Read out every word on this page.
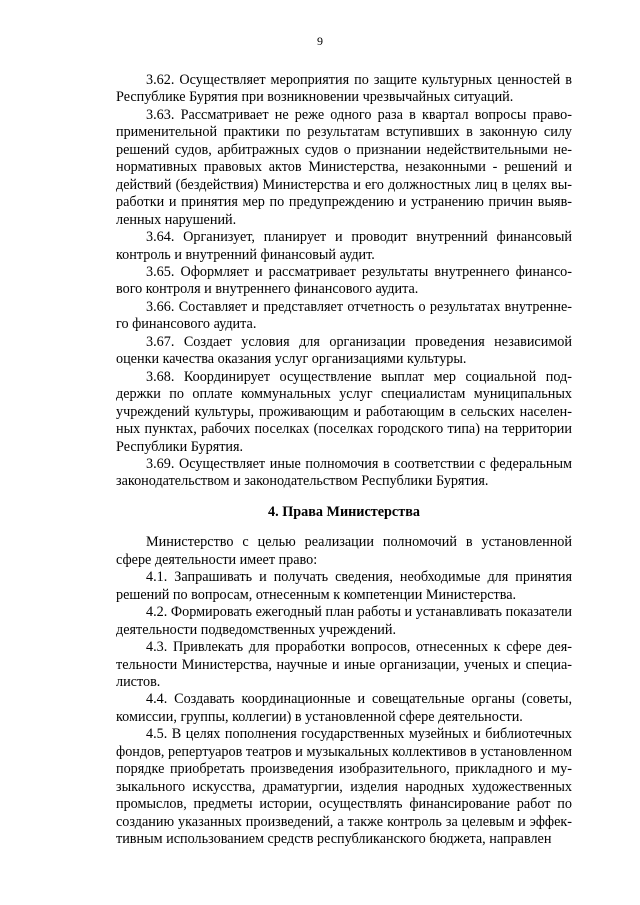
9

3.62. Осуществляет мероприятия по защите культурных ценностей в Республике Бурятия при возникновении чрезвычайных ситуаций.

3.63. Рассматривает не реже одного раза в квартал вопросы правоприменительной практики по результатам вступивших в законную силу решений судов, арбитражных судов о признании недействительными ненормативных правовых актов Министерства, незаконными - решений и действий (бездействия) Министерства и его должностных лиц в целях выработки и принятия мер по предупреждению и устранению причин выявленных нарушений.

3.64. Организует, планирует и проводит внутренний финансовый контроль и внутренний финансовый аудит.

3.65. Оформляет и рассматривает результаты внутреннего финансового контроля и внутреннего финансового аудита.

3.66. Составляет и представляет отчетность о результатах внутреннего финансового аудита.

3.67. Создает условия для организации проведения независимой оценки качества оказания услуг организациями культуры.

3.68. Координирует осуществление выплат мер социальной поддержки по оплате коммунальных услуг специалистам муниципальных учреждений культуры, проживающим и работающим в сельских населенных пунктах, рабочих поселках (поселках городского типа) на территории Республики Бурятия.

3.69. Осуществляет иные полномочия в соответствии с федеральным законодательством и законодательством Республики Бурятия.

4. Права Министерства

Министерство с целью реализации полномочий в установленной сфере деятельности имеет право:

4.1. Запрашивать и получать сведения, необходимые для принятия решений по вопросам, отнесенным к компетенции Министерства.

4.2. Формировать ежегодный план работы и устанавливать показатели деятельности подведомственных учреждений.

4.3. Привлекать для проработки вопросов, отнесенных к сфере деятельности Министерства, научные и иные организации, ученых и специалистов.

4.4. Создавать координационные и совещательные органы (советы, комиссии, группы, коллегии) в установленной сфере деятельности.

4.5. В целях пополнения государственных музейных и библиотечных фондов, репертуаров театров и музыкальных коллективов в установленном порядке приобретать произведения изобразительного, прикладного и музыкального искусства, драматургии, изделия народных художественных промыслов, предметы истории, осуществлять финансирование работ по созданию указанных произведений, а также контроль за целевым и эффективным использованием средств республиканского бюджета, направлен
